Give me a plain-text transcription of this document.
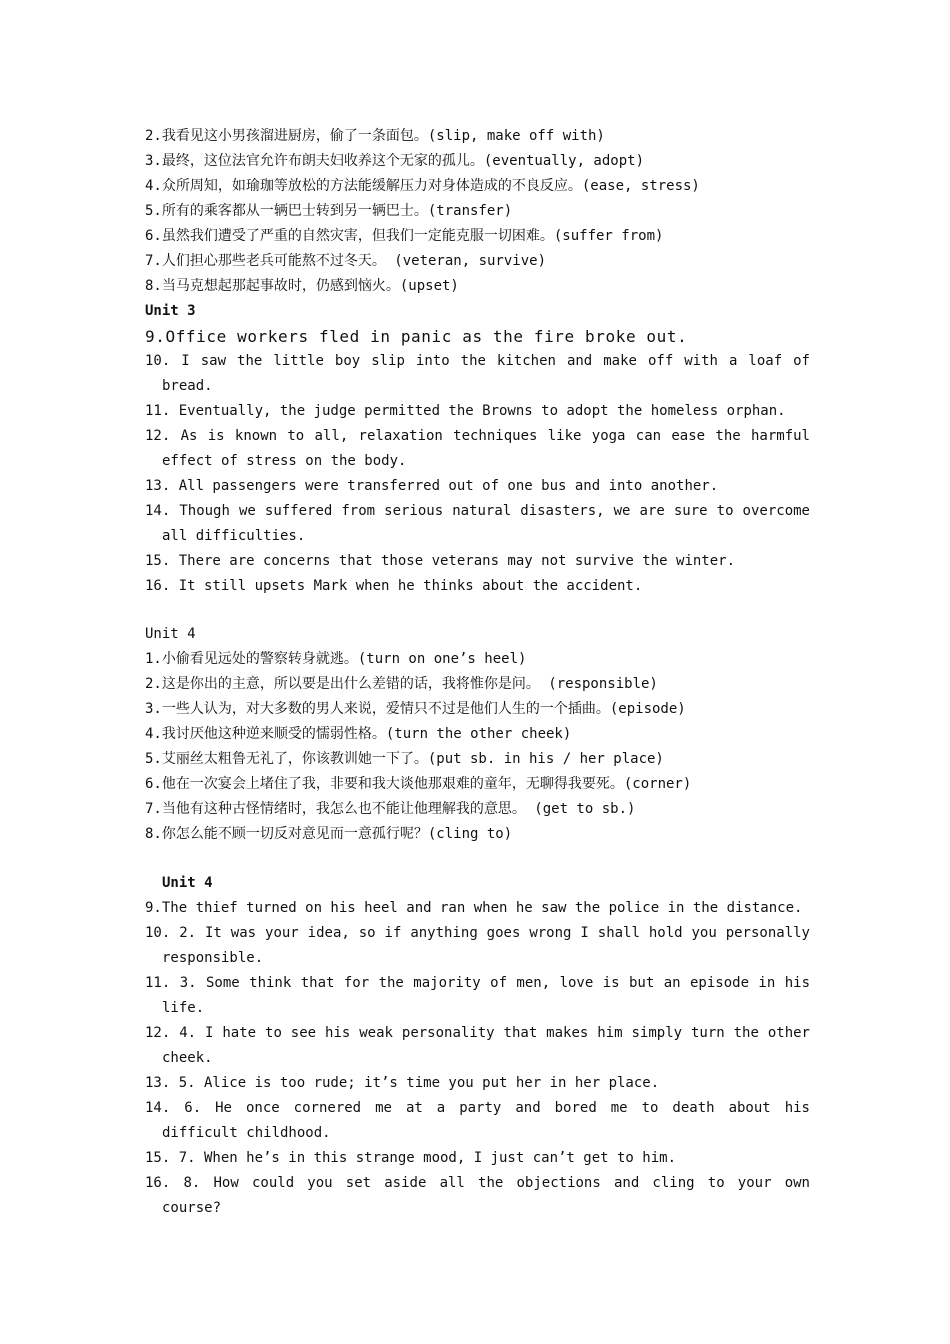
2.我看见这小男孩溜进厨房，偷了一条面包。(slip, make off with)

3.最终，这位法官允许布朗夫妇收养这个无家的孤儿。(eventually, adopt)

4.众所周知，如瑜珈等放松的方法能缓解压力对身体造成的不良反应。(ease, stress)

5.所有的乘客都从一辆巴士转到另一辆巴士。(transfer)

6.虽然我们遭受了严重的自然灾害，但我们一定能克服一切困难。(suffer from)

7.人们担心那些老兵可能熬不过冬天。 (veteran, survive)

8.当马克想起那起事故时，仍感到恼火。(upset)

Unit 3

9.Office workers fled in panic as the fire broke out.

10. I saw the little boy slip into the kitchen and make off with a loaf of bread.

11. Eventually, the judge permitted the Browns to adopt the homeless orphan.

12. As is known to all, relaxation techniques like yoga can ease the harmful effect of stress on the body.

13. All passengers were transferred out of one bus and into another.

14. Though we suffered from serious natural disasters, we are sure to overcome all difficulties.

15. There are concerns that those veterans may not survive the winter.

16. It still upsets Mark when he thinks about the accident.

Unit 4

1.小偷看见远处的警察转身就逃。(turn on one’s heel)

2.这是你出的主意，所以要是出什么差错的话，我将惟你是问。 (responsible)

3.一些人认为，对大多数的男人来说，爱情只不过是他们人生的一个插曲。(episode)

4.我讨厌他这种逆来顺受的懦弱性格。(turn the other cheek)

5.艾丽丝太粗鲁无礼了，你该教训她一下了。(put sb. in his / her place)

6.他在一次宴会上堵住了我，非要和我大谈他那艰难的童年，无聊得我要死。(corner)

7.当他有这种古怪情绪时，我怎么也不能让他理解我的意思。 (get to sb.)

8.你怎么能不顾一切反对意见而一意孤行呢？(cling to)

Unit 4

9.The thief turned on his heel and ran when he saw the police in the distance.

10. 2. It was your idea, so if anything goes wrong I shall hold you personally responsible.

11. 3. Some think that for the majority of men, love is but an episode in his life.

12. 4. I hate to see his weak personality that makes him simply turn the other cheek.

13. 5. Alice is too rude; it’s time you put her in her place.

14. 6. He once cornered me at a party and bored me to death about his difficult childhood.

15. 7. When he’s in this strange mood, I just can’t get to him.

16. 8. How could you set aside all the objections and cling to your own course?
